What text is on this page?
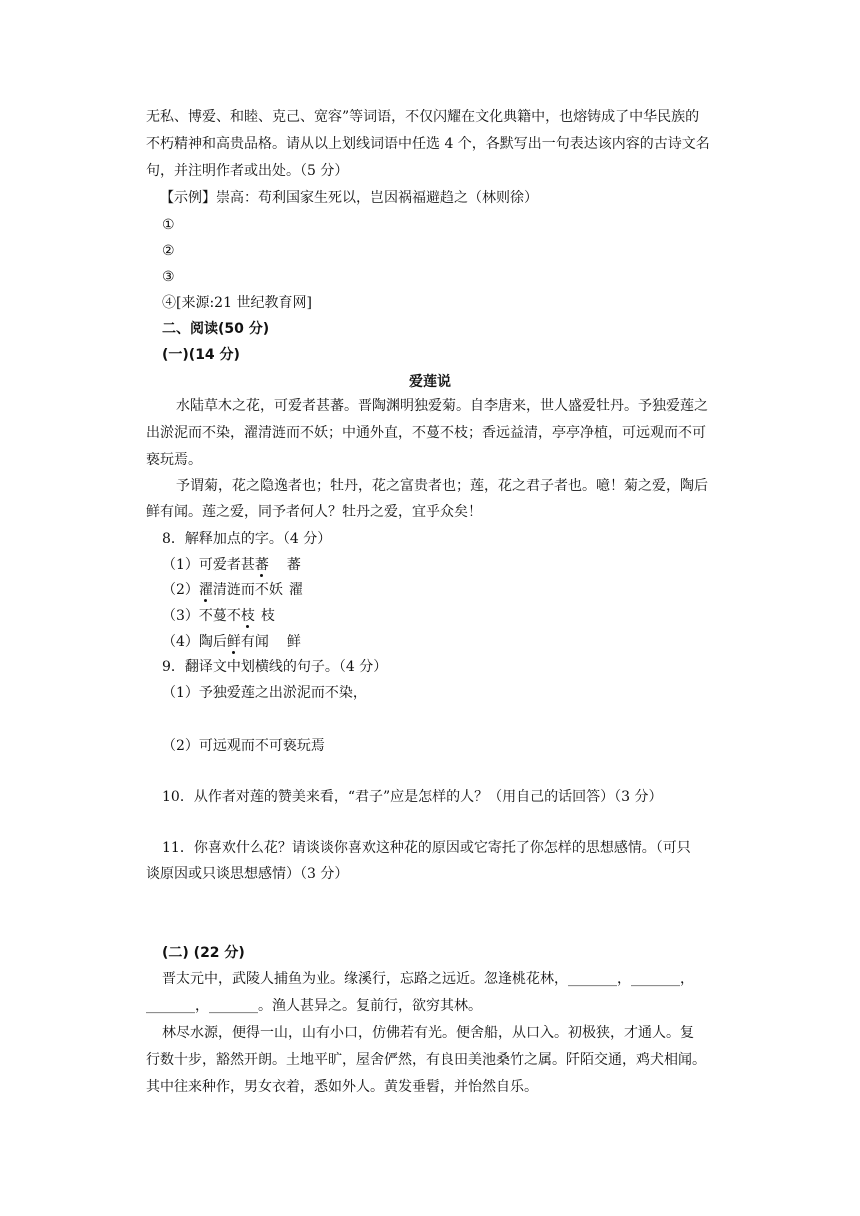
无私、博爱、和睦、克己、宽容”等词语，不仅闪耀在文化典籍中，也熔铸成了中华民族的
不朽精神和高贵品格。请从以上划线词语中任选 4 个，各默写出一句表达该内容的古诗文名
句，并注明作者或出处。（5 分）
【示例】崇高：苟利国家生死以，岂因祸福避趋之（林则徐）
①
②
③
④[来源:21 世纪教育网]
二、阅读(50 分)
(一)(14 分)
爱莲说
水陆草木之花，可爱者甚蕃。晋陶渊明独爱菊。自李唐来，世人盛爱牡丹。予独爱莲之
出淤泥而不染，濯清涟而不妖；中通外直，不蔓不枝；香远益清，亭亭净植，可远观而不可
亵玩焉。
予谓菊，花之隐逸者也；牡丹，花之富贵者也；莲，花之君子者也。噫！菊之爱，陶后
鲜有闻。莲之爱，同予者何人？牡丹之爱，宜乎众矣！
8．解释加点的字。（4 分）
（1）可爱者甚蕃 蕃
（2）濯清涟而不妖 濯
（3）不蔓不枝 枝
（4）陶后鲜有闻 鲜
9．翻译文中划横线的句子。（4 分）
（1）予独爱莲之出淤泥而不染，
（2）可远观而不可亵玩焉
10．从作者对莲的赞美来看，“君子”应是怎样的人？（用自己的话回答）（3 分）
11．你喜欢什么花？请谈谈你喜欢这种花的原因或它寄托了你怎样的思想感情。（可只
谈原因或只谈思想感情）（3 分）
(二) (22 分)
晋太元中，武陵人捕鱼为业。缘溪行，忘路之远近。忽逢桃花林，_______，_______，
_______，_______。渔人甚异之。复前行，欲穷其林。
林尽水源，便得一山，山有小口，仿佛若有光。便舍船，从口入。初极狭，才通人。复
行数十步，豁然开朗。土地平旷，屋舍俨然，有良田美池桑竹之属。阡陌交通，鸡犬相闻。
其中往来种作，男女衣着，悉如外人。黄发垂髫，并怡然自乐。
